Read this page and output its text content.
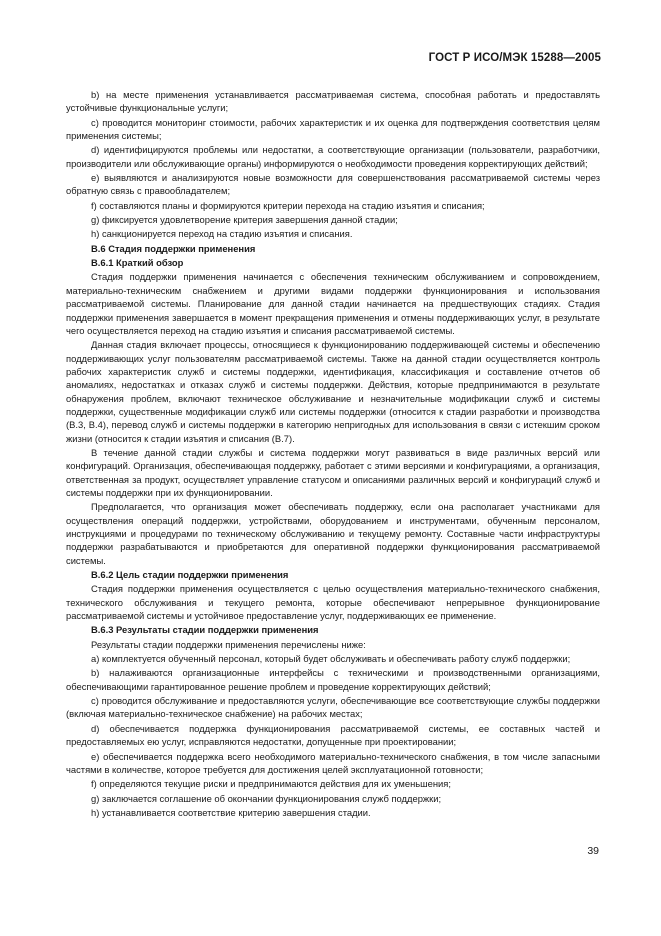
ГОСТ Р ИСО/МЭК 15288—2005

b) на месте применения устанавливается рассматриваемая система, способная работать и предоставлять устойчивые функциональные услуги;

c) проводится мониторинг стоимости, рабочих характеристик и их оценка для подтверждения соответствия целям применения системы;

d) идентифицируются проблемы или недостатки, а соответствующие организации (пользователи, разработчики, производители или обслуживающие органы) информируются о необходимости проведения корректирующих действий;

e) выявляются и анализируются новые возможности для совершенствования рассматриваемой системы через обратную связь с правообладателем;

f) составляются планы и формируются критерии перехода на стадию изъятия и списания;

g) фиксируется удовлетворение критерия завершения данной стадии;

h) санкционируется переход на стадию изъятия и списания.

В.6 Стадия поддержки применения

В.6.1 Краткий обзор

Стадия поддержки применения начинается с обеспечения техническим обслуживанием и сопровождением, материально-техническим снабжением и другими видами поддержки функционирования и использования рассматриваемой системы. Планирование для данной стадии начинается на предшествующих стадиях. Стадия поддержки применения завершается в момент прекращения применения и отмены поддерживающих услуг, в результате чего осуществляется переход на стадию изъятия и списания рассматриваемой системы.

Данная стадия включает процессы, относящиеся к функционированию поддерживающей системы и обеспечению поддерживающих услуг пользователям рассматриваемой системы. Также на данной стадии осуществляется контроль рабочих характеристик служб и системы поддержки, идентификация, классификация и составление отчетов об аномалиях, недостатках и отказах служб и системы поддержки. Действия, которые предпринимаются в результате обнаружения проблем, включают техническое обслуживание и незначительные модификации служб и системы поддержки, существенные модификации служб или системы поддержки (относится к стадии разработки и производства (В.3, В.4), перевод служб и системы поддержки в категорию непригодных для использования в связи с истекшим сроком жизни (относится к стадии изъятия и списания (В.7).

В течение данной стадии службы и система поддержки могут развиваться в виде различных версий или конфигураций. Организация, обеспечивающая поддержку, работает с этими версиями и конфигурациями, а организация, ответственная за продукт, осуществляет управление статусом и описаниями различных версий и конфигураций служб и системы поддержки при их функционировании.

Предполагается, что организация может обеспечивать поддержку, если она располагает участниками для осуществления операций поддержки, устройствами, оборудованием и инструментами, обученным персоналом, инструкциями и процедурами по техническому обслуживанию и текущему ремонту. Составные части инфраструктуры поддержки разрабатываются и приобретаются для оперативной поддержки функционирования рассматриваемой системы.

В.6.2 Цель стадии поддержки применения

Стадия поддержки применения осуществляется с целью осуществления материально-технического снабжения, технического обслуживания и текущего ремонта, которые обеспечивают непрерывное функционирование рассматриваемой системы и устойчивое предоставление услуг, поддерживающих ее применение.

В.6.3 Результаты стадии поддержки применения

Результаты стадии поддержки применения перечислены ниже:

a) комплектуется обученный персонал, который будет обслуживать и обеспечивать работу служб поддержки;

b) налаживаются организационные интерфейсы с техническими и производственными организациями, обеспечивающими гарантированное решение проблем и проведение корректирующих действий;

c) проводится обслуживание и предоставляются услуги, обеспечивающие все соответствующие службы поддержки (включая материально-техническое снабжение) на рабочих местах;

d) обеспечивается поддержка функционирования рассматриваемой системы, ее составных частей и предоставляемых ею услуг, исправляются недостатки, допущенные при проектировании;

e) обеспечивается поддержка всего необходимого материально-технического снабжения, в том числе запасными частями в количестве, которое требуется для достижения целей эксплуатационной готовности;

f) определяются текущие риски и предпринимаются действия для их уменьшения;

g) заключается соглашение об окончании функционирования служб поддержки;

h) устанавливается соответствие критерию завершения стадии.

39
